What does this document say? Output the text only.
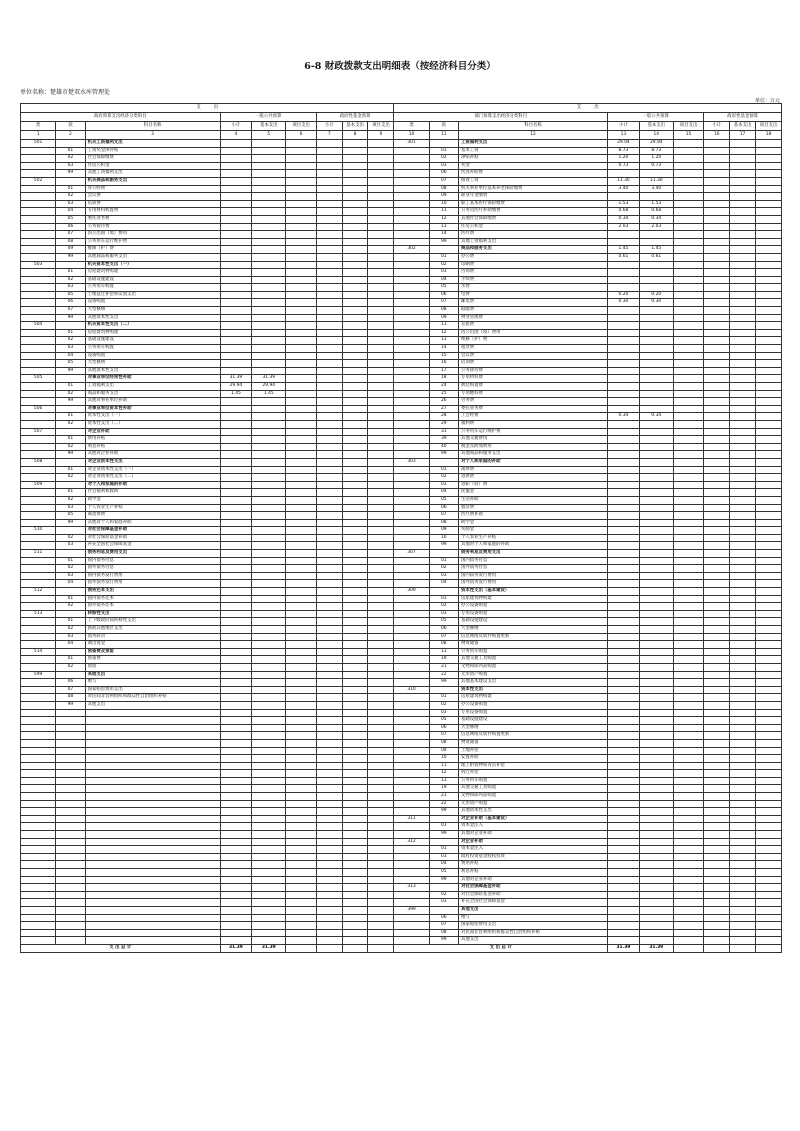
6-8 财政拨款支出明细表（按经济科目分类）
单位名称：楚雄市楚双水库管理处
单位：万元
支　　　出									支　　　出								
政府预算支出经济分类科目			一般公共预算			政府性基金预算			部门预算支出经济分类科目			一般公共预算			政府性基金预算		
类	款	科目名称	小计	基本支出	项目支出	小计	基本支出	项目支出	类	款	科目名称	小计	基本支出	项目支出	小计	基本支出	项目支出
1	2	3	4	5	6	7	8	9	10	11	12	13	14	15	16	17	18
501		机关工资福利支出							301		工资福利支出	29.94	29.94				
	01	工资奖金津补贴								01	基本工资	8.73	8.73				
	02	社会保障缴费								02	津贴补贴	1.20	1.20				
	03	住房公积金								03	奖金	0.73	0.73				
	99	其他工资福利支出								06	伙食补助费						
502		机关商品和服务支出								07	绩效工资	11.30	11.30				
	01	办公经费								08	机关事业单位基本养老保险缴费	3.40	3.40				
	02	会议费								09	职业年金缴费						
	03	培训费								10	职工基本医疗保险缴费	1.53	1.53				
	04	专用材料购置费								11	公务员医疗补助缴费	0.68	0.68				
	05	委托业务费								12	其他社会保障缴费	0.34	0.34				
	06	公务接待费								13	住房公积金	2.03	2.03				
	07	因公出国（境）费用								14	医疗费						
	08	公务用车运行维护费								99	其他工资福利支出						
	09	维修（护）费							302		商品和服务支出	1.45	1.45				
	99	其他商品和服务支出								01	办公费	0.61	0.61				
503		机关资本性支出（一）								02	印刷费						
	01	房屋建筑物购建								03	咨询费						
	02	基础设施建设								04	手续费						
	03	公务用车购置								05	水费						
	05	土地征迁补偿和安置支出								06	电费	0.20	0.20				
	06	设备购置								07	邮电费	0.30	0.30				
	07	大型修缮								08	取暖费						
	99	其他资本性支出								09	物业管理费						
504		机关资本性支出（二）								11	差旅费						
	01	房屋建筑物购建								12	因公出国（境）费用						
	02	基础设施建设								13	维修（护）费						
	03	公务用车购置								14	租赁费						
	04	设备购置								15	会议费						
	05	大型修缮								16	培训费						
	99	其他资本性支出								17	公务接待费						
505		对事业单位经常性补助	31.39	31.39						18	专用材料费						
	01	工资福利支出	29.94	29.94						24	被装购置费						
	02	商品和服务支出	1.45	1.45						25	专用燃料费						
	99	其他对事业单位补助								26	劳务费						
506		对事业单位资本性补助								27	委托业务费						
	01	资本性支出（一）								28	工会经费	0.34	0.34				
	02	资本性支出（二）								29	福利费						
507		对企业补助								31	公务用车运行维护费						
	01	费用补贴								39	其他交通费用						
	02	利息补贴								40	税金及附加费用						
	99	其他对企业补助								99	其他商品和服务支出						
508		对企业资本性支出							303		对个人和家庭的补助						
	01	对企业资本性支出（一）								01	离休费						
	02	对企业资本性支出（二）								02	退休费						
509		对个人和家庭的补助								03	退职（役）费						
	01	社会福利和救助								04	抚恤金						
	02	助学金								05	生活补助						
	03	个人农业生产补贴								06	救济费						
	05	离退休费								07	医疗费补助						
	99	其他对个人和家庭补助								08	助学金						
510		对社会保障基金补助								09	奖励金						
	02	对社会保险基金补助								10	个人农业生产补贴						
	03	补充全国社会保障基金								99	其他对个人和家庭的补助						
511		债务利息及费用支出							307		债务利息及费用支出						
	01	国内债务付息								01	国内债务付息						
	02	国外债务付息								02	国外债务付息						
	03	国内债务发行费用								03	国内债务发行费用						
	04	国外债务发行费用								04	国外债务发行费用						
512		债务还本支出							309		资本性支出（基本建设）						
	01	国内债务还本								01	房屋建筑物购建						
	02	国外债务还本								02	办公设备购置						
513		转移性支出								03	专用设备购置						
	01	上下级政府间转移性支出								05	基础设施建设						
	02	援助其他地区支出								06	大型修缮						
	03	债务转贷								07	信息网络及软件购置更新						
	04	调出资金								08	物资储备						
514		预备费及预留								13	公务用车购置						
	01	预备费								19	其他交通工具购置						
	02	预留								21	文物和陈列品购置						
599		其他支出								22	无形资产购置						
	06	赠与								99	其他基本建设支出						
	07	国家赔偿费用支出							310		资本性支出						
	08	对民间非营利组织和群众性自治组织补贴								01	房屋建筑物购建						
	99	其他支出								02	办公设备购置						
										03	专用设备购置						
										05	基础设施建设						
										06	大型修缮						
										07	信息网络及软件购置更新						
										08	物资储备						
										09	土地补偿						
										10	安置补助						
										11	地上附着物和青苗补偿						
										12	拆迁补偿						
										13	公务用车购置						
										19	其他交通工具购置						
										21	文物和陈列品购置						
										22	无形资产购置						
										99	其他资本性支出						
									311		对企业补助（基本建设）						
										01	资本金注入						
										99	其他对企业补助						
									312		对企业补助						
										01	资本金注入						
										03	政府投资基金股权投资						
										04	费用补贴						
										05	利息补贴						
										99	其他对企业补助						
									313		对社会保障基金补助						
										02	对社会保险基金补助						
										03	补充全国社会保障基金						
									399		其他支出						
										06	赠与						
										07	国家赔偿费用支出						
										08	对民间非营利组织和群众性自治组织补贴						
										99	其他支出						
支 出 总 计			31.39	31.39					支 出 总 计			31.39	31.39				
